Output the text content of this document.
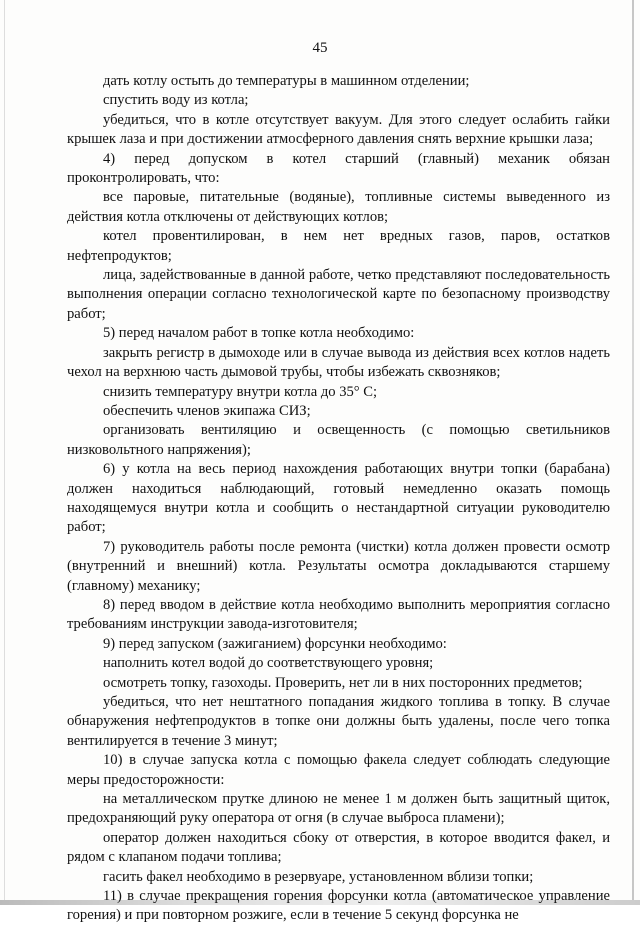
45

дать котлу остыть до температуры в машинном отделении;

спустить воду из котла;

убедиться, что в котле отсутствует вакуум. Для этого следует ослабить гайки крышек лаза и при достижении атмосферного давления снять верхние крышки лаза;

4) перед допуском в котел старший (главный) механик обязан проконтролировать, что:

все паровые, питательные (водяные), топливные системы выведенного из действия котла отключены от действующих котлов;

котел провентилирован, в нем нет вредных газов, паров, остатков нефтепродуктов;

лица, задействованные в данной работе, четко представляют последовательность выполнения операции согласно технологической карте по безопасному производству работ;

5) перед началом работ в топке котла необходимо:

закрыть регистр в дымоходе или в случае вывода из действия всех котлов надеть чехол на верхнюю часть дымовой трубы, чтобы избежать сквозняков;

снизить температуру внутри котла до 35° С;

обеспечить членов экипажа СИЗ;

организовать вентиляцию и освещенность (с помощью светильников низковольтного напряжения);

6) у котла на весь период нахождения работающих внутри топки (барабана) должен находиться наблюдающий, готовый немедленно оказать помощь находящемуся внутри котла и сообщить о нестандартной ситуации руководителю работ;

7) руководитель работы после ремонта (чистки) котла должен провести осмотр (внутренний и внешний) котла. Результаты осмотра докладываются старшему (главному) механику;

8) перед вводом в действие котла необходимо выполнить мероприятия согласно требованиям инструкции завода-изготовителя;

9) перед запуском (зажиганием) форсунки необходимо:

наполнить котел водой до соответствующего уровня;

осмотреть топку, газоходы. Проверить, нет ли в них посторонних предметов;

убедиться, что нет нештатного попадания жидкого топлива в топку. В случае обнаружения нефтепродуктов в топке они должны быть удалены, после чего топка вентилируется в течение 3 минут;

10) в случае запуска котла с помощью факела следует соблюдать следующие меры предосторожности:

на металлическом прутке длиною не менее 1 м должен быть защитный щиток, предохраняющий руку оператора от огня (в случае выброса пламени);

оператор должен находиться сбоку от отверстия, в которое вводится факел, и рядом с клапаном подачи топлива;

гасить факел необходимо в резервуаре, установленном вблизи топки;

11) в случае прекращения горения форсунки котла (автоматическое управление горения) и при повторном розжиге, если в течение 5 секунд форсунка не
